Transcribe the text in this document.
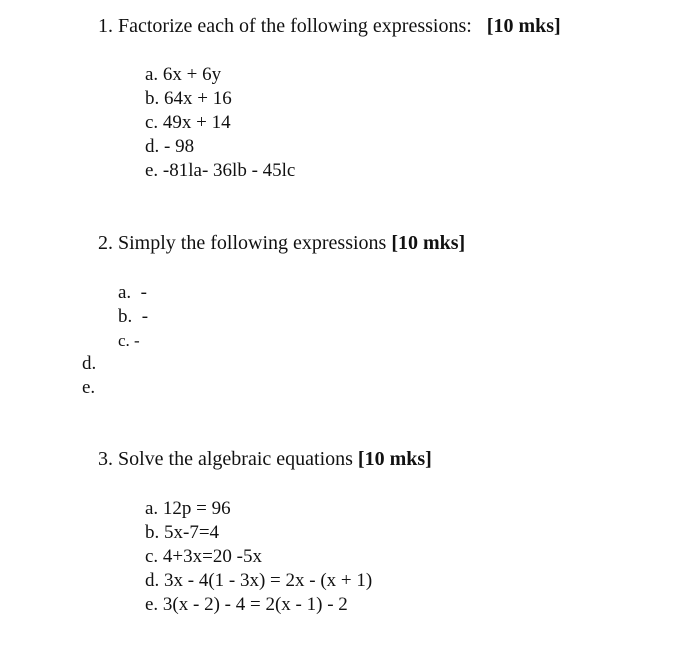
1. Factorize each of the following expressions: [10 mks]
a. 6x + 6y
b. 64x + 16
c. 49x + 14
d. - 98
e. -81la- 36lb - 45lc
2. Simply the following expressions [10 mks]
a.  -
b.  -
c. -
d.
e.
3. Solve the algebraic equations [10 mks]
a. 12p = 96
b. 5x-7=4
c. 4+3x=20 -5x
d. 3x - 4(1 - 3x) = 2x - (x + 1)
e. 3(x - 2) - 4 = 2(x - 1) - 2
